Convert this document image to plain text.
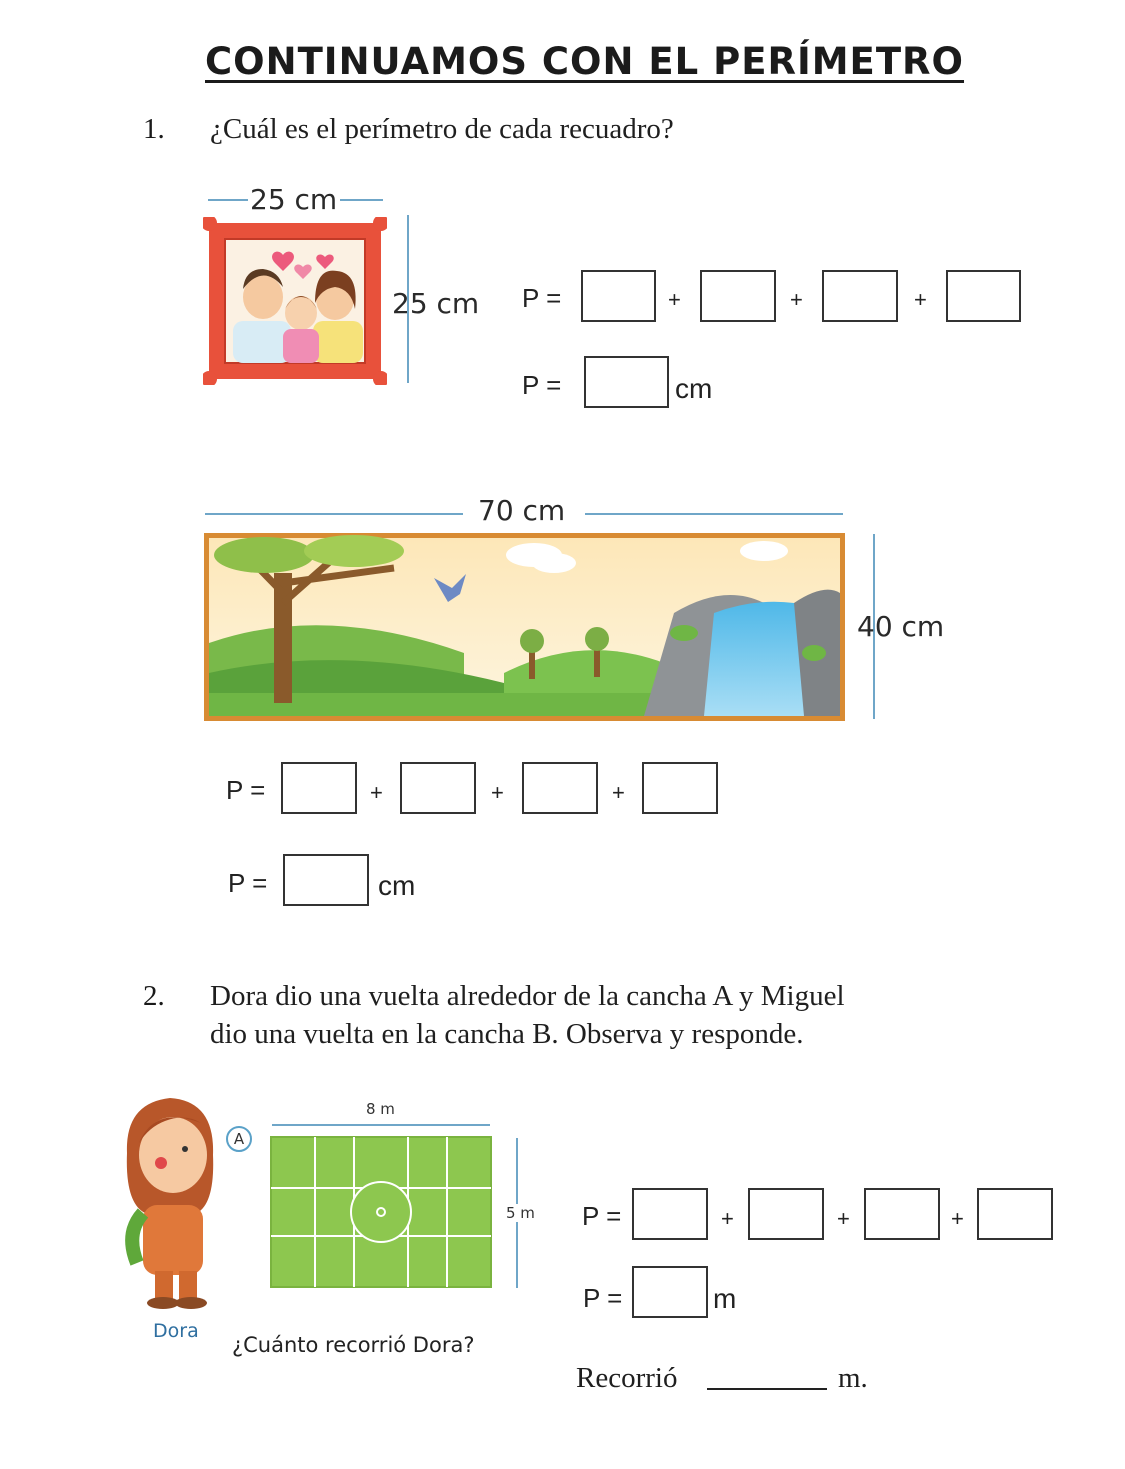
CONTINUAMOS CON EL PERÍMETRO
1. ¿Cuál es el perímetro de cada recuadro?
25 cm
25 cm P =	+	+	+
P =	cm
70 cm
40 cm
P =	+	+	+
P =	cm
2. Dora dio una vuelta alrededor de la cancha A y Miguel
dio una vuelta en la cancha B. Observa y responde.
Dora
A
8 m
5 m
¿Cuánto recorrió Dora?
P =	+	+	+
P =	m
Recorrió	m.
